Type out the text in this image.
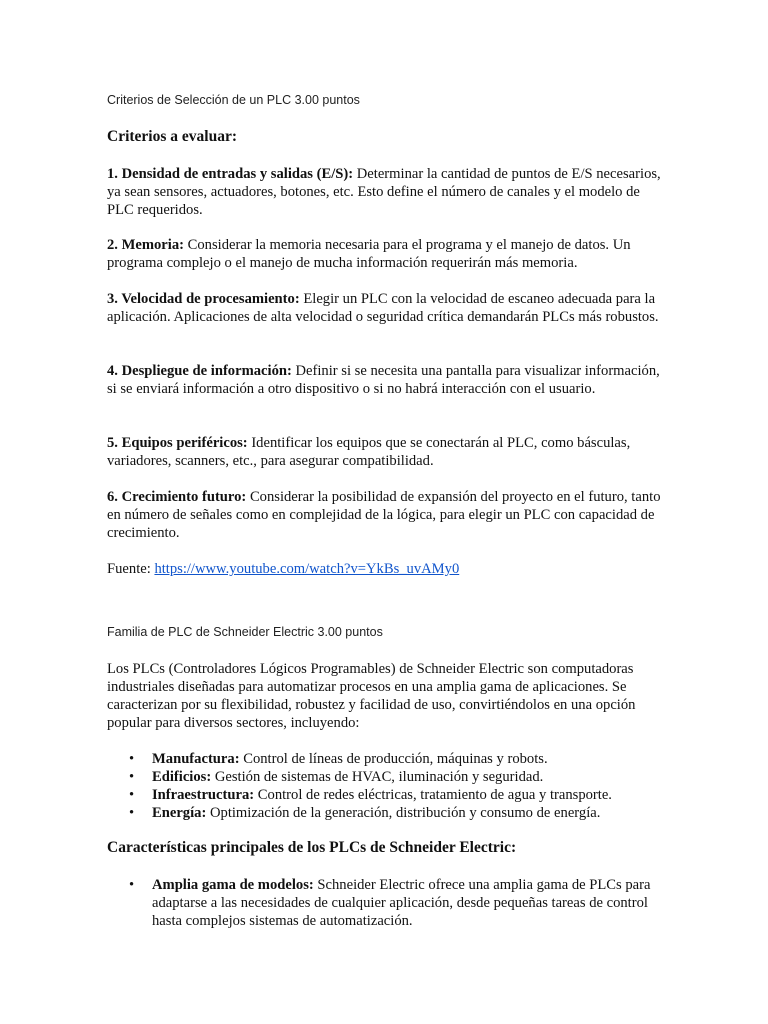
Criterios de Selección de un PLC 3.00 puntos
Criterios a evaluar:

1. Densidad de entradas y salidas (E/S): Determinar la cantidad de puntos de E/S necesarios, ya sean sensores, actuadores, botones, etc. Esto define el número de canales y el modelo de PLC requeridos.

2. Memoria: Considerar la memoria necesaria para el programa y el manejo de datos. Un programa complejo o el manejo de mucha información requerirán más memoria.

3. Velocidad de procesamiento: Elegir un PLC con la velocidad de escaneo adecuada para la aplicación. Aplicaciones de alta velocidad o seguridad crítica demandarán PLCs más robustos.

4. Despliegue de información: Definir si se necesita una pantalla para visualizar información, si se enviará información a otro dispositivo o si no habrá interacción con el usuario.

5. Equipos periféricos: Identificar los equipos que se conectarán al PLC, como básculas, variadores, scanners, etc., para asegurar compatibilidad.

6. Crecimiento futuro: Considerar la posibilidad de expansión del proyecto en el futuro, tanto en número de señales como en complejidad de la lógica, para elegir un PLC con capacidad de crecimiento.

Fuente: https://www.youtube.com/watch?v=YkBs_uvAMy0

Familia de PLC de Schneider Electric 3.00 puntos

Los PLCs (Controladores Lógicos Programables) de Schneider Electric son computadoras industriales diseñadas para automatizar procesos en una amplia gama de aplicaciones. Se caracterizan por su flexibilidad, robustez y facilidad de uso, convirtiéndolos en una opción popular para diversos sectores, incluyendo:

• Manufactura: Control de líneas de producción, máquinas y robots.
• Edificios: Gestión de sistemas de HVAC, iluminación y seguridad.
• Infraestructura: Control de redes eléctricas, tratamiento de agua y transporte.
• Energía: Optimización de la generación, distribución y consumo de energía.
Características principales de los PLCs de Schneider Electric:
• Amplia gama de modelos: Schneider Electric ofrece una amplia gama de PLCs para adaptarse a las necesidades de cualquier aplicación, desde pequeñas tareas de control hasta complejos sistemas de automatización.
